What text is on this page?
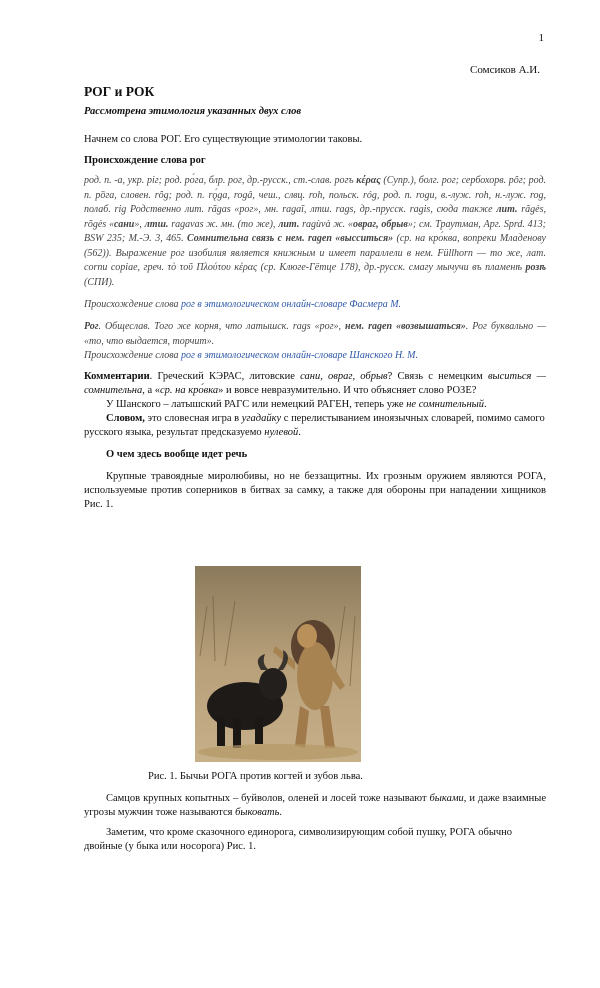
1
Сомсиков А.И.

РОГ и РОК

Рассмотрена этимология указанных двух слов

Начнем со слова РОГ. Его существующие этимологии таковы.

Происхождение слова рог

род. п. -а, укр. ріг; род. ро́га, блр. рог, др.-русск., ст.-слав. рогъ κέρας (Супр.), болг. рог; сербохорв. рȏг; род. п. рȍга, словен. rȏg; род. п. rǫ́ga, rogâ, чеш., слвц. roh, польск. róg, род. п. rogu, в.-луж. roh, н.-луж. rog, полаб. rig Родственно лит. rãgas «рог», мн. ragaĩ, лтш. rags, др.-прусск. ragis, сюда также лит. rãgės, rõgės «сани», лтш. ragavas ж. мн. (то же), лит. ragùvà ж. «овраг, обрыв»; см. Траутман, Арг. Sprd. 413; BSW 235; М.-Э. 3, 465. Сомнительна связь с нем. ragen «высситься» (ср. на кро́ква, вопреки Младенову (562)). Выражение рог изобилия является книжным и имеет параллели в нем. Füllhorn — то же, лат. cornu copiae, греч. τὸ τοῦ Πλούτου κέρας (ср. Клюге-Гётце 178), др.-русск. смагу мычучи въ пламенѣ розѣ (СПИ).

Происхождение слова рог в этимологическом онлайн-словаре Фасмера М.

Рог. Общеслав. Того же корня, что латышск. rags «рог», нем. ragen «возвышаться». Рог буквально — «то, что выдается, торчит».

Происхождение слова рог в этимологическом онлайн-словаре Шанского Н. М.

Комментарии. Греческий КЭРАС, литовские сани, овраг, обрыв? Связь с немецким выситься — сомнительна, а «ср. на кро́вка» и вовсе невразумительно. И что объясняет слово РОЗЕ?

У Шанского – латышский РАГС или немецкий РАГЕН, теперь уже не сомнительный.

Словом, это словесная игра в угадайку с перелистыванием иноязычных словарей, помимо самого русского языка, результат предсказуемо нулевой.

О чем здесь вообще идет речь

Крупные травоядные миролюбивы, но не беззащитны. Их грозным оружием являются РОГА, используемые против соперников в битвах за самку, а также для обороны при нападении хищников Рис. 1.

Рис. 1. Бычьи РОГА против когтей и зубов льва.

Самцов крупных копытных – буйволов, оленей и лосей тоже называют быками, и даже взаимные угрозы мужчин тоже называются быковать.

Заметим, что кроме сказочного единорога, символизирующим собой пушку, РОГА обычно двойные (у быка или носорога) Рис. 1.
